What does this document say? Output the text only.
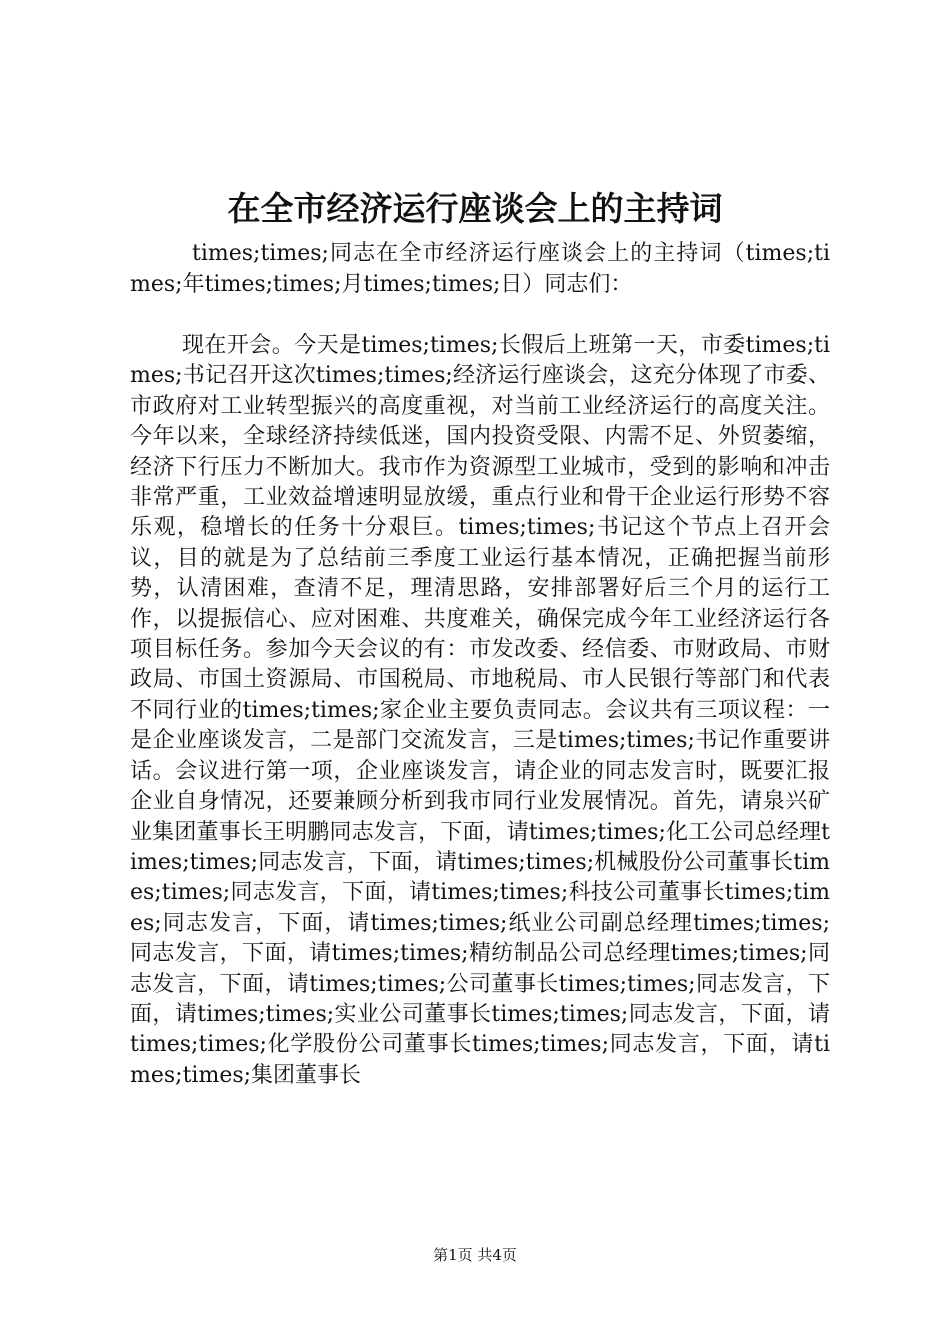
在全市经济运行座谈会上的主持词

times;times;同志在全市经济运行座谈会上的主持词（times;times;年times;times;月times;times;日）同志们：

现在开会。今天是times;times;长假后上班第一天，市委times;times;书记召开这次times;times;经济运行座谈会，这充分体现了市委、市政府对工业转型振兴的高度重视，对当前工业经济运行的高度关注。今年以来，全球经济持续低迷，国内投资受限、内需不足、外贸萎缩，经济下行压力不断加大。我市作为资源型工业城市，受到的影响和冲击非常严重，工业效益增速明显放缓，重点行业和骨干企业运行形势不容乐观，稳增长的任务十分艰巨。times;times;书记这个节点上召开会议，目的就是为了总结前三季度工业运行基本情况，正确把握当前形势，认清困难，查清不足，理清思路，安排部署好后三个月的运行工作，以提振信心、应对困难、共度难关，确保完成今年工业经济运行各项目标任务。参加今天会议的有：市发改委、经信委、市财政局、市财政局、市国土资源局、市国税局、市地税局、市人民银行等部门和代表不同行业的times;times;家企业主要负责同志。会议共有三项议程：一是企业座谈发言，二是部门交流发言，三是times;times;书记作重要讲话。会议进行第一项，企业座谈发言，请企业的同志发言时，既要汇报企业自身情况，还要兼顾分析到我市同行业发展情况。首先，请泉兴矿业集团董事长王明鹏同志发言，下面，请times;times;化工公司总经理times;times;同志发言，下面，请times;times;机械股份公司董事长times;times;同志发言，下面，请times;times;科技公司董事长times;times;同志发言，下面，请times;times;纸业公司副总经理times;times;同志发言，下面，请times;times;精纺制品公司总经理times;times;同志发言，下面，请times;times;公司董事长times;times;同志发言，下面，请times;times;实业公司董事长times;times;同志发言，下面，请times;times;化学股份公司董事长times;times;同志发言，下面，请times;times;集团董事长

第1页 共4页
